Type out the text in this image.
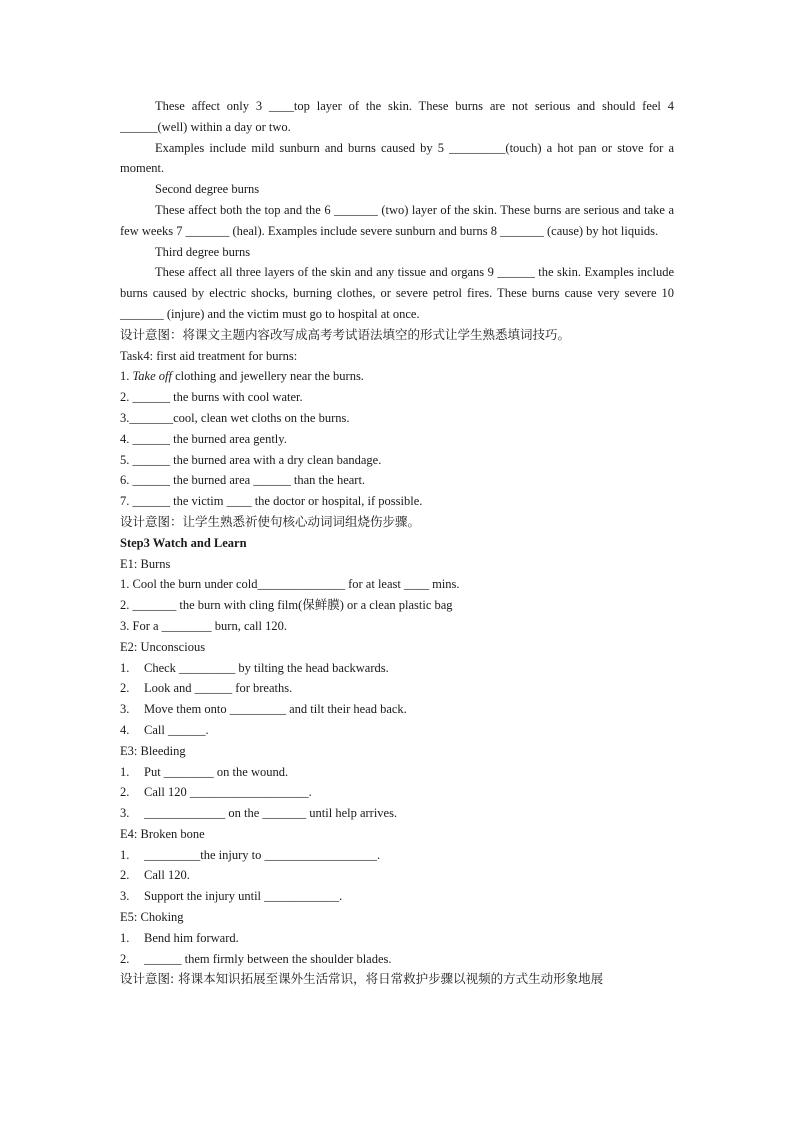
These affect only 3 ____top layer of the skin. These burns are not serious and should feel 4 ______(well) within a day or two.

Examples include mild sunburn and burns caused by 5 _________(touch) a hot pan or stove for a moment.

Second degree burns

These affect both the top and the 6 _______ (two) layer of the skin. These burns are serious and take a few weeks 7 _______ (heal). Examples include severe sunburn and burns 8 _______ (cause) by hot liquids.

Third degree burns

These affect all three layers of the skin and any tissue and organs 9 ______ the skin. Examples include burns caused by electric shocks, burning clothes, or severe petrol fires. These burns cause very severe 10 _______ (injure) and the victim must go to hospital at once.

设计意图：将课文主题内容改写成高考考试语法填空的形式让学生熟悉填词技巧。

Task4: first aid treatment for burns:

1. Take off clothing and jewellery near the burns.

2. ______ the burns with cool water.

3._______cool, clean wet cloths on the burns.

4. ______ the burned area gently.

5. ______ the burned area with a dry clean bandage.

6. ______ the burned area ______ than the heart.

7. ______ the victim ____ the doctor or hospital, if possible.

设计意图：让学生熟悉祈使句核心动词词组烧伤步骤。

Step3 Watch and Learn

E1: Burns

1. Cool the burn under cold______________ for at least ____ mins.

2. _______ the burn with cling film(保鲜膜) or a clean plastic bag

3. For a ________ burn, call 120.

E2: Unconscious

1.	Check _________ by tilting the head backwards.
2.	Look and ______ for breaths.
3.	Move them onto _________ and tilt their head back.
4.	Call ______.

E3: Bleeding

1.	Put ________ on the wound.
2.	Call 120 ___________________.
3.	_____________ on the _______ until help arrives.

E4: Broken bone

1.	_________the injury to __________________.
2.	Call 120.
3.	Support the injury until ____________.

E5: Choking

1.	Bend him forward.
2.	______ them firmly between the shoulder blades.

设计意图: 将课本知识拓展至课外生活常识，将日常救护步骤以视频的方式生动形象地展
